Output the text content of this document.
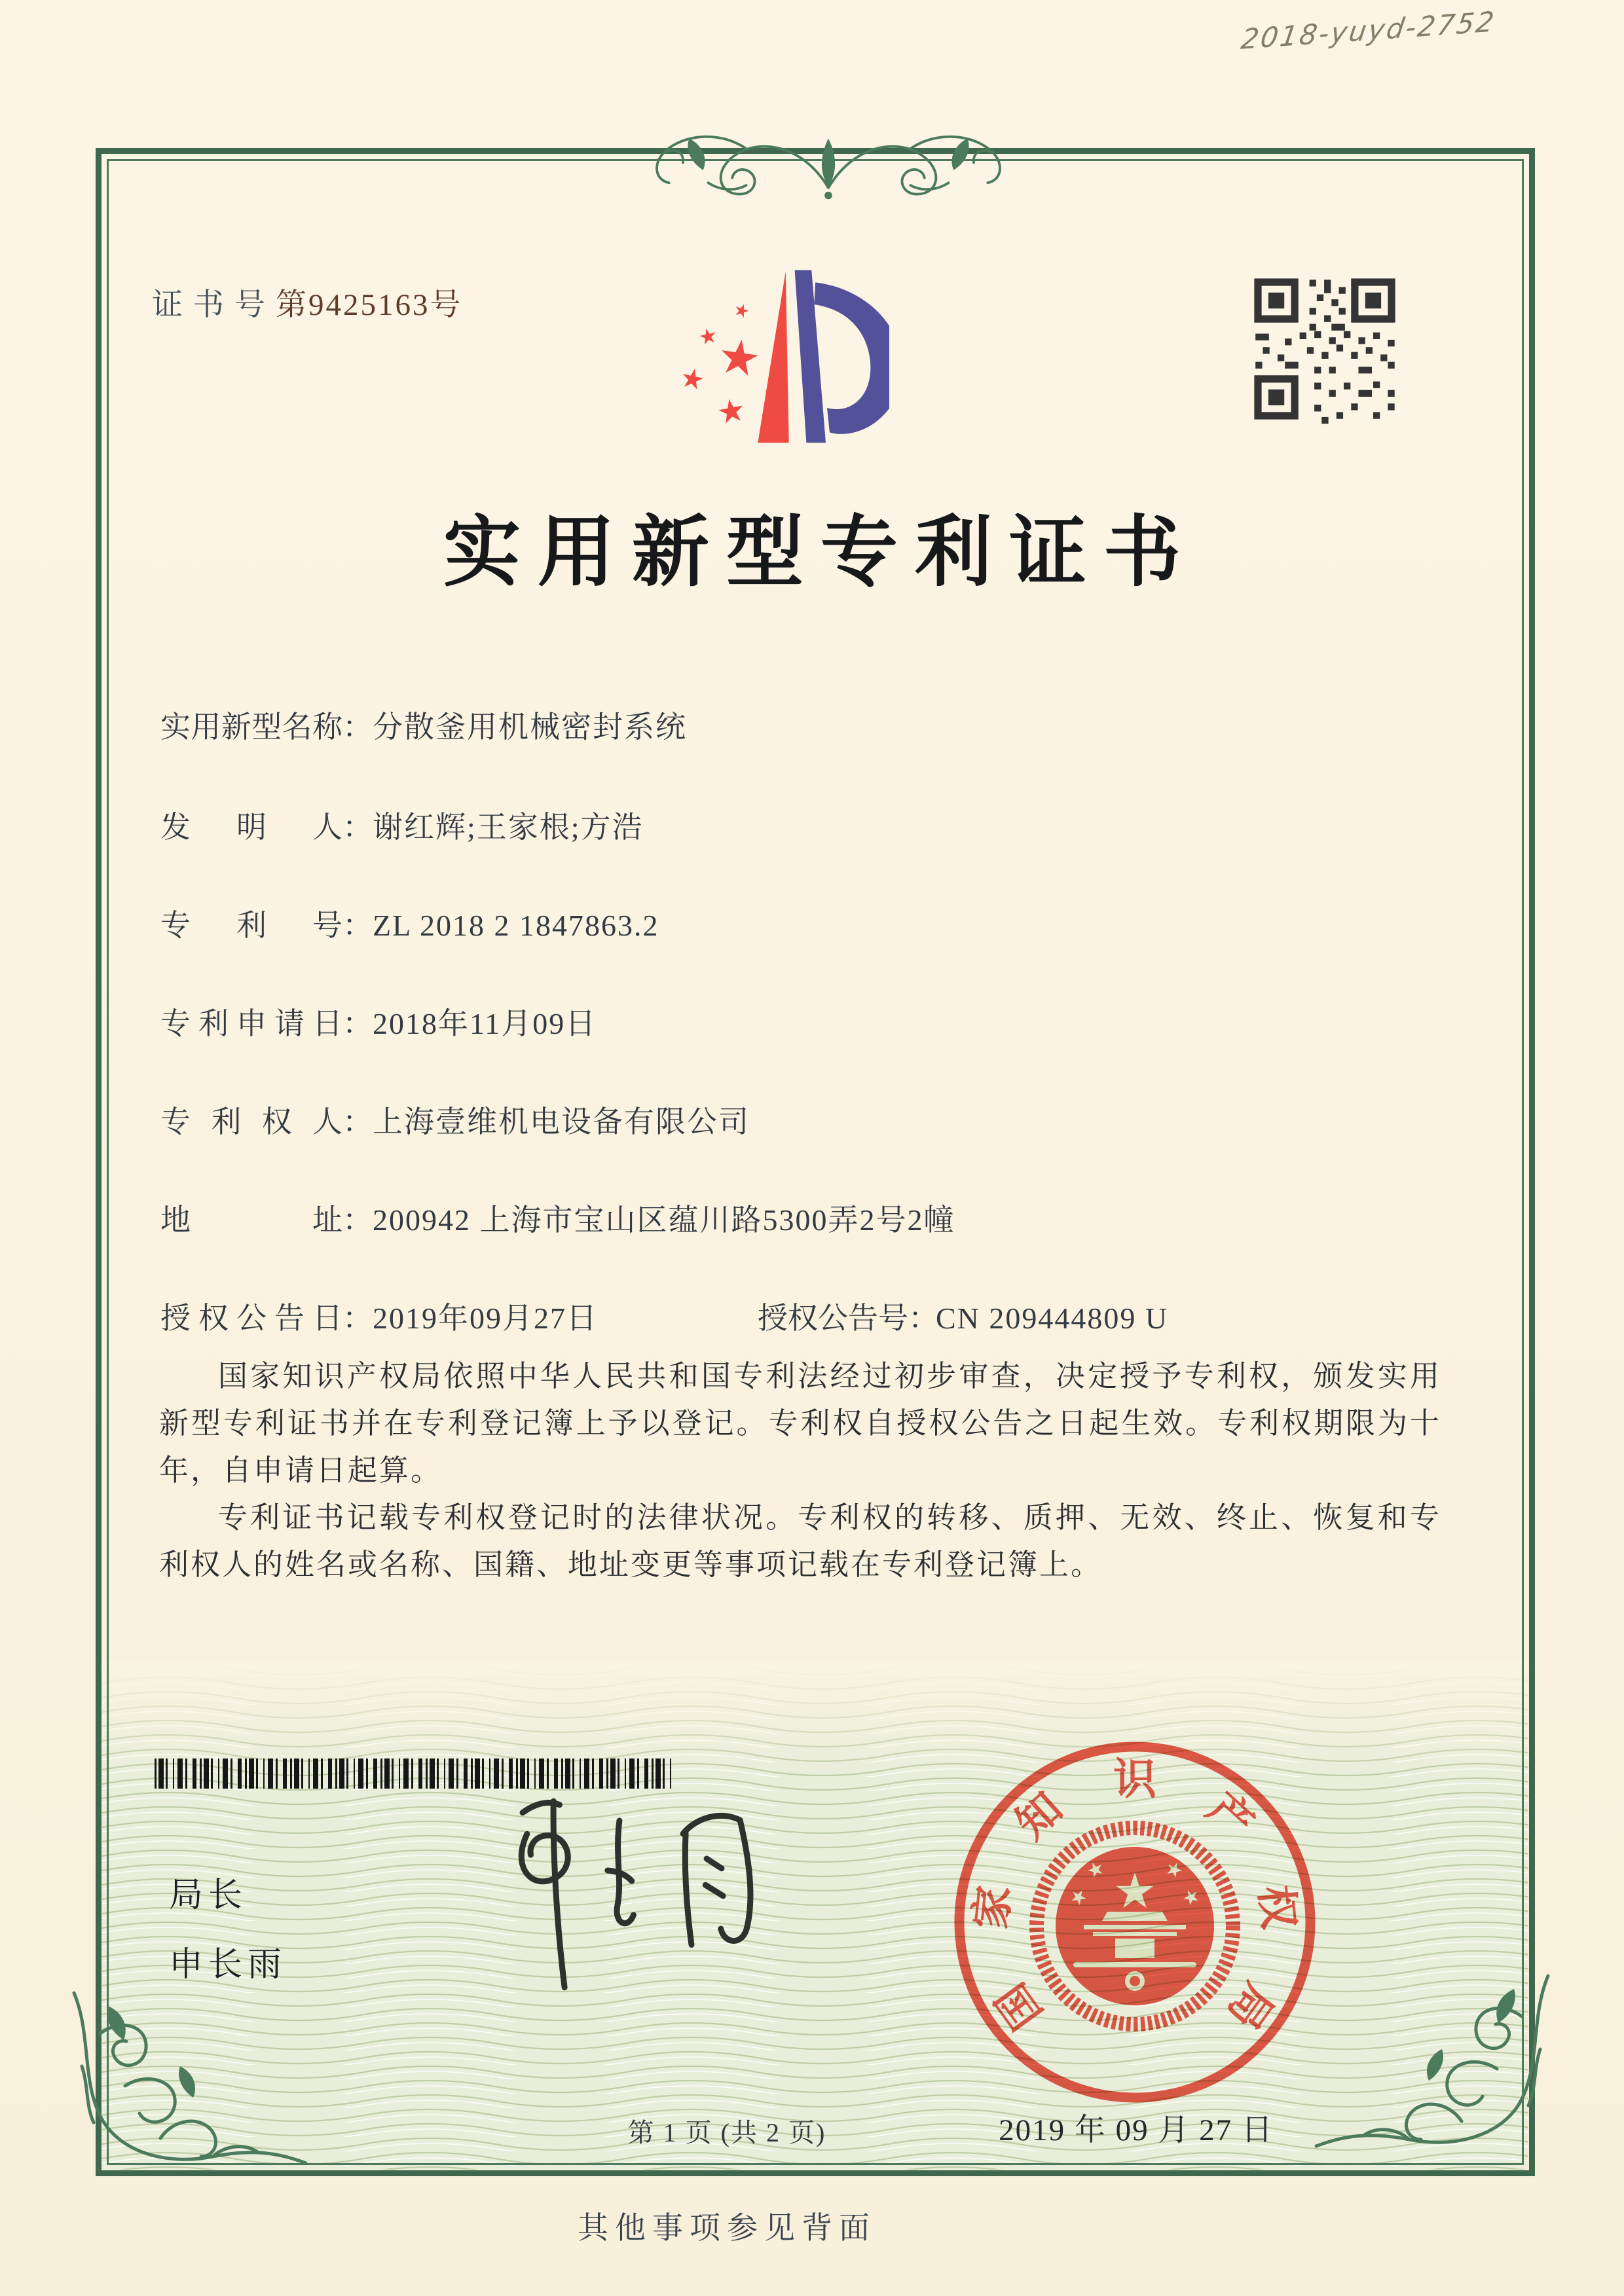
2018-yuyd-2752
证书号第9425163号
实用新型专利证书
实用新型名称：分散釜用机械密封系统
发明人：谢红辉;王家根;方浩
专利号：ZL 2018 2 1847863.2
专利申请日：2018年11月09日
专利权人：上海壹维机电设备有限公司
地址：200942 上海市宝山区蕴川路5300弄2号2幢
授权公告日：2019年09月27日	授权公告号：CN 209444809 U

国家知识产权局依照中华人民共和国专利法经过初步审查，决定授予专利权，颁发实用新型专利证书并在专利登记簿上予以登记。专利权自授权公告之日起生效。专利权期限为十年，自申请日起算。

专利证书记载专利权登记时的法律状况。专利权的转移、质押、无效、终止、恢复和专利权人的姓名或名称、国籍、地址变更等事项记载在专利登记簿上。

局长
申长雨
国
家
知
识
产
权
局
2019 年 09 月 27 日
第 1 页 (共 2 页)
其他事项参见背面
